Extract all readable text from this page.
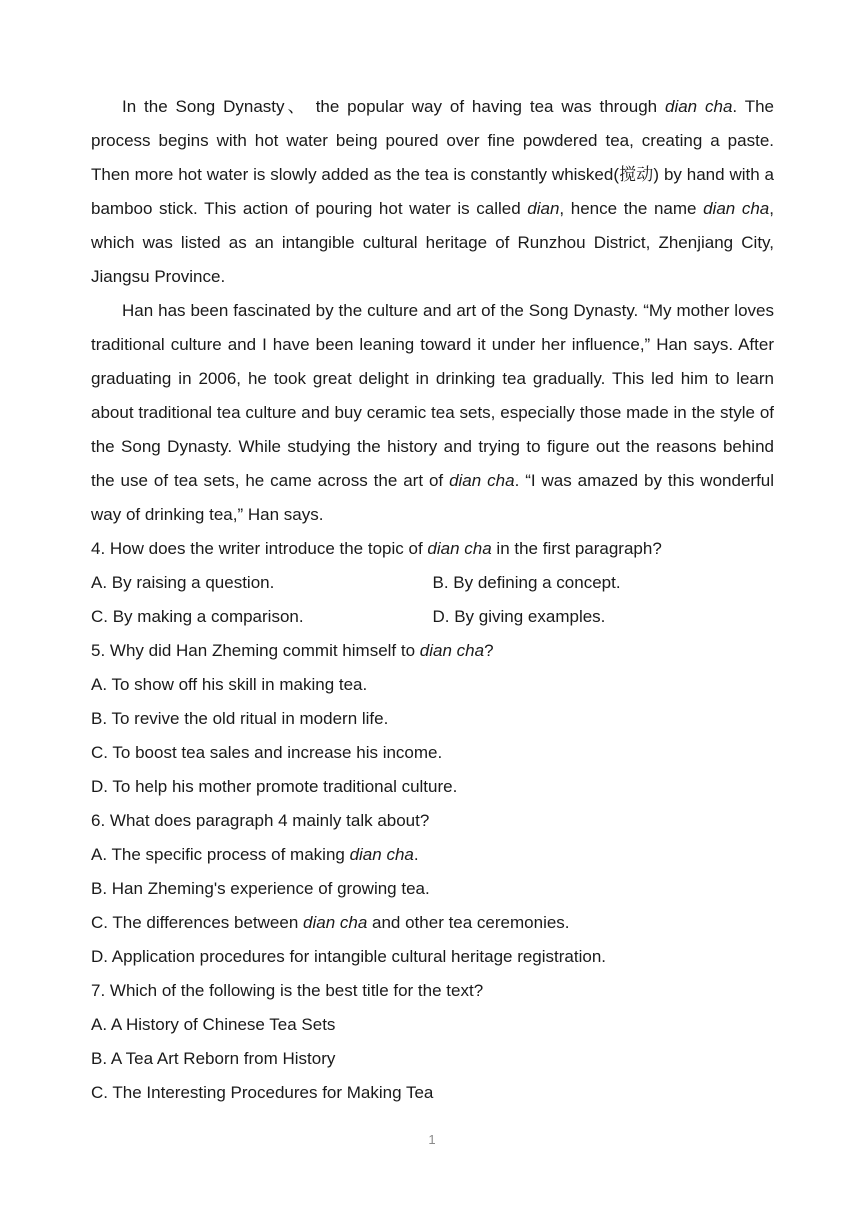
In the Song Dynasty、 the popular way of having tea was through dian cha. The process begins with hot water being poured over fine powdered tea, creating a paste. Then more hot water is slowly added as the tea is constantly whisked(搅动) by hand with a bamboo stick. This action of pouring hot water is called dian, hence the name dian cha, which was listed as an intangible cultural heritage of Runzhou District, Zhenjiang City, Jiangsu Province.

Han has been fascinated by the culture and art of the Song Dynasty. “My mother loves traditional culture and I have been leaning toward it under her influence,” Han says. After graduating in 2006, he took great delight in drinking tea gradually. This led him to learn about traditional tea culture and buy ceramic tea sets, especially those made in the style of the Song Dynasty. While studying the history and trying to figure out the reasons behind the use of tea sets, he came across the art of dian cha. “I was amazed by this wonderful way of drinking tea,” Han says.

4. How does the writer introduce the topic of dian cha in the first paragraph?

A. By raising a question.	B. By defining a concept.
C. By making a comparison.	D. By giving examples.

5. Why did Han Zheming commit himself to dian cha?

A. To show off his skill in making tea.

B. To revive the old ritual in modern life.

C. To boost tea sales and increase his income.

D. To help his mother promote traditional culture.

6. What does paragraph 4 mainly talk about?

A. The specific process of making dian cha.

B. Han Zheming's experience of growing tea.

C. The differences between dian cha and other tea ceremonies.

D. Application procedures for intangible cultural heritage registration.

7. Which of the following is the best title for the text?

A. A History of Chinese Tea Sets

B. A Tea Art Reborn from History

C. The Interesting Procedures for Making Tea

1
